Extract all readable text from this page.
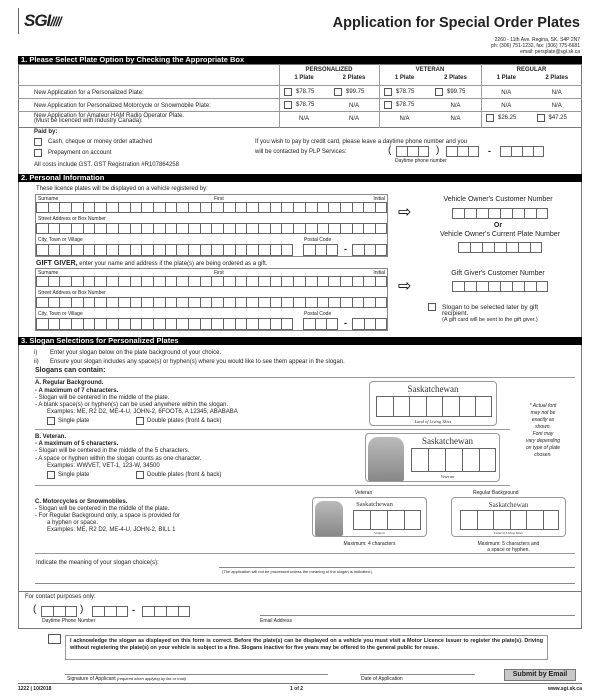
SGI////	Application for Special Order Plates
2260 - 11th Ave. Regina, SK. S4P 2N7
ph: (306) 751-1232, fax: (306) 775-6681
email: persplate@sgi.sk.ca
1. Please Select Plate Option by Checking the Appropriate Box
PERSONALIZED
1 Plate	2 Plates
VETERAN
1 Plate	2 Plates
REGULAR
1 Plate	2 Plates
New Application for a Personalized Plate:	$78.75	$99.75	$78.75	$99.75	N/A	N/A
New Application for Personalized Motorcycle or Snowmobile Plate:	$78.75	N/A	$78.75	N/A	N/A	N/A
New Application for Amateur HAM Radio Operator Plate.
(Must be licenced with Industry Canada):	N/A	N/A	N/A	N/A	$26.25	$47.25
Paid by:
Cash, cheque or money order attached
Prepayment on account
All costs include GST. GST Registration #R107864258
If you wish to pay by credit card, please leave a daytime phone number and you
will be contacted by PLP Services:	(	)	-
Daytime phone number
2. Personal Information
These licence plates will be displayed on a vehicle registered by:
Surname	First	Initial
Street Address or Box Number
City, Town or Village	Postal Code
-
GIFT GIVER, enter your name and address if the plate(s) are being ordered as a gift.
Surname	First	Initial
Street Address or Box Number
City, Town or Village	Postal Code
-
⇨
⇨
Vehicle Owner's Customer Number
Or
Vehicle Owner's Current Plate Number
Gift Giver's Customer Number
Slogan to be selected later by gift
recipient.
(A gift card will be sent to the gift giver.)
3. Slogan Selections for Personalized Plates
i) Enter your slogan below on the plate background of your choice.
ii) Ensure your slogan includes any space(s) or hyphen(s) where you would like to see them appear in the slogan.
Slogans can contain:
A. Regular Background.
- A maximum of 7 characters.
- Slogan will be centered in the middle of the plate.
- A blank space(s) or hyphen(s) can be used anywhere within the slogan.
Examples: ME, R2 D2, ME-4-U, JOHN-2, 6FOOT6, A 12345, ABABABA
Single plate	Double plates (front & back)
Saskatchewan
Land of Living Skies
B. Veteran.
- A maximum of 5 characters.
- Slogan will be centered in the middle of the 5 characters.
- A space or hyphen within the slogan counts as one character.
Examples: WWVET, VET-1, 123-W, 34500
Single plate	Double plates (front & back)
Saskatchewan
Veteran
* Actual font
may not be
exactly as
shown.
Font may
vary depending
on type of plate
chosen.
Veteran	Regular Background
C. Motorcycles or Snowmobiles.
- Slogan will be centered in the middle of the plate.
- For Regular Background only, a space is provided for
a hyphen or space.
Examples: ME, R2 D2, ME-4-U, JOHN-2, BILL 1
Saskatchewan
Veteran
Saskatchewan
Land of Living Skies
Maximum: 4 characters	Maximum: 5 characters and
a space or hyphen.
Indicate the meaning of your slogan choice(s):
(The application will not be processed unless the meaning of the slogan is indicated.)
For contact purposes only:
(	)	-
Daytime Phone Number	Email Address
I acknowledge the slogan as displayed on this form is correct. Before the plate(s) can be displayed on a vehicle you must visit a Motor Licence Issuer to register the plate(s). Driving without registering the plate(s) on your vehicle is subject to a fine. Slogans inactive for five years may be offered to the general public for reuse.
Signature of Applicant (required when applying by fax or mail)	Date of Application
Submit by Email
1222 | 10/2018	1 of 2	www.sgi.sk.ca
